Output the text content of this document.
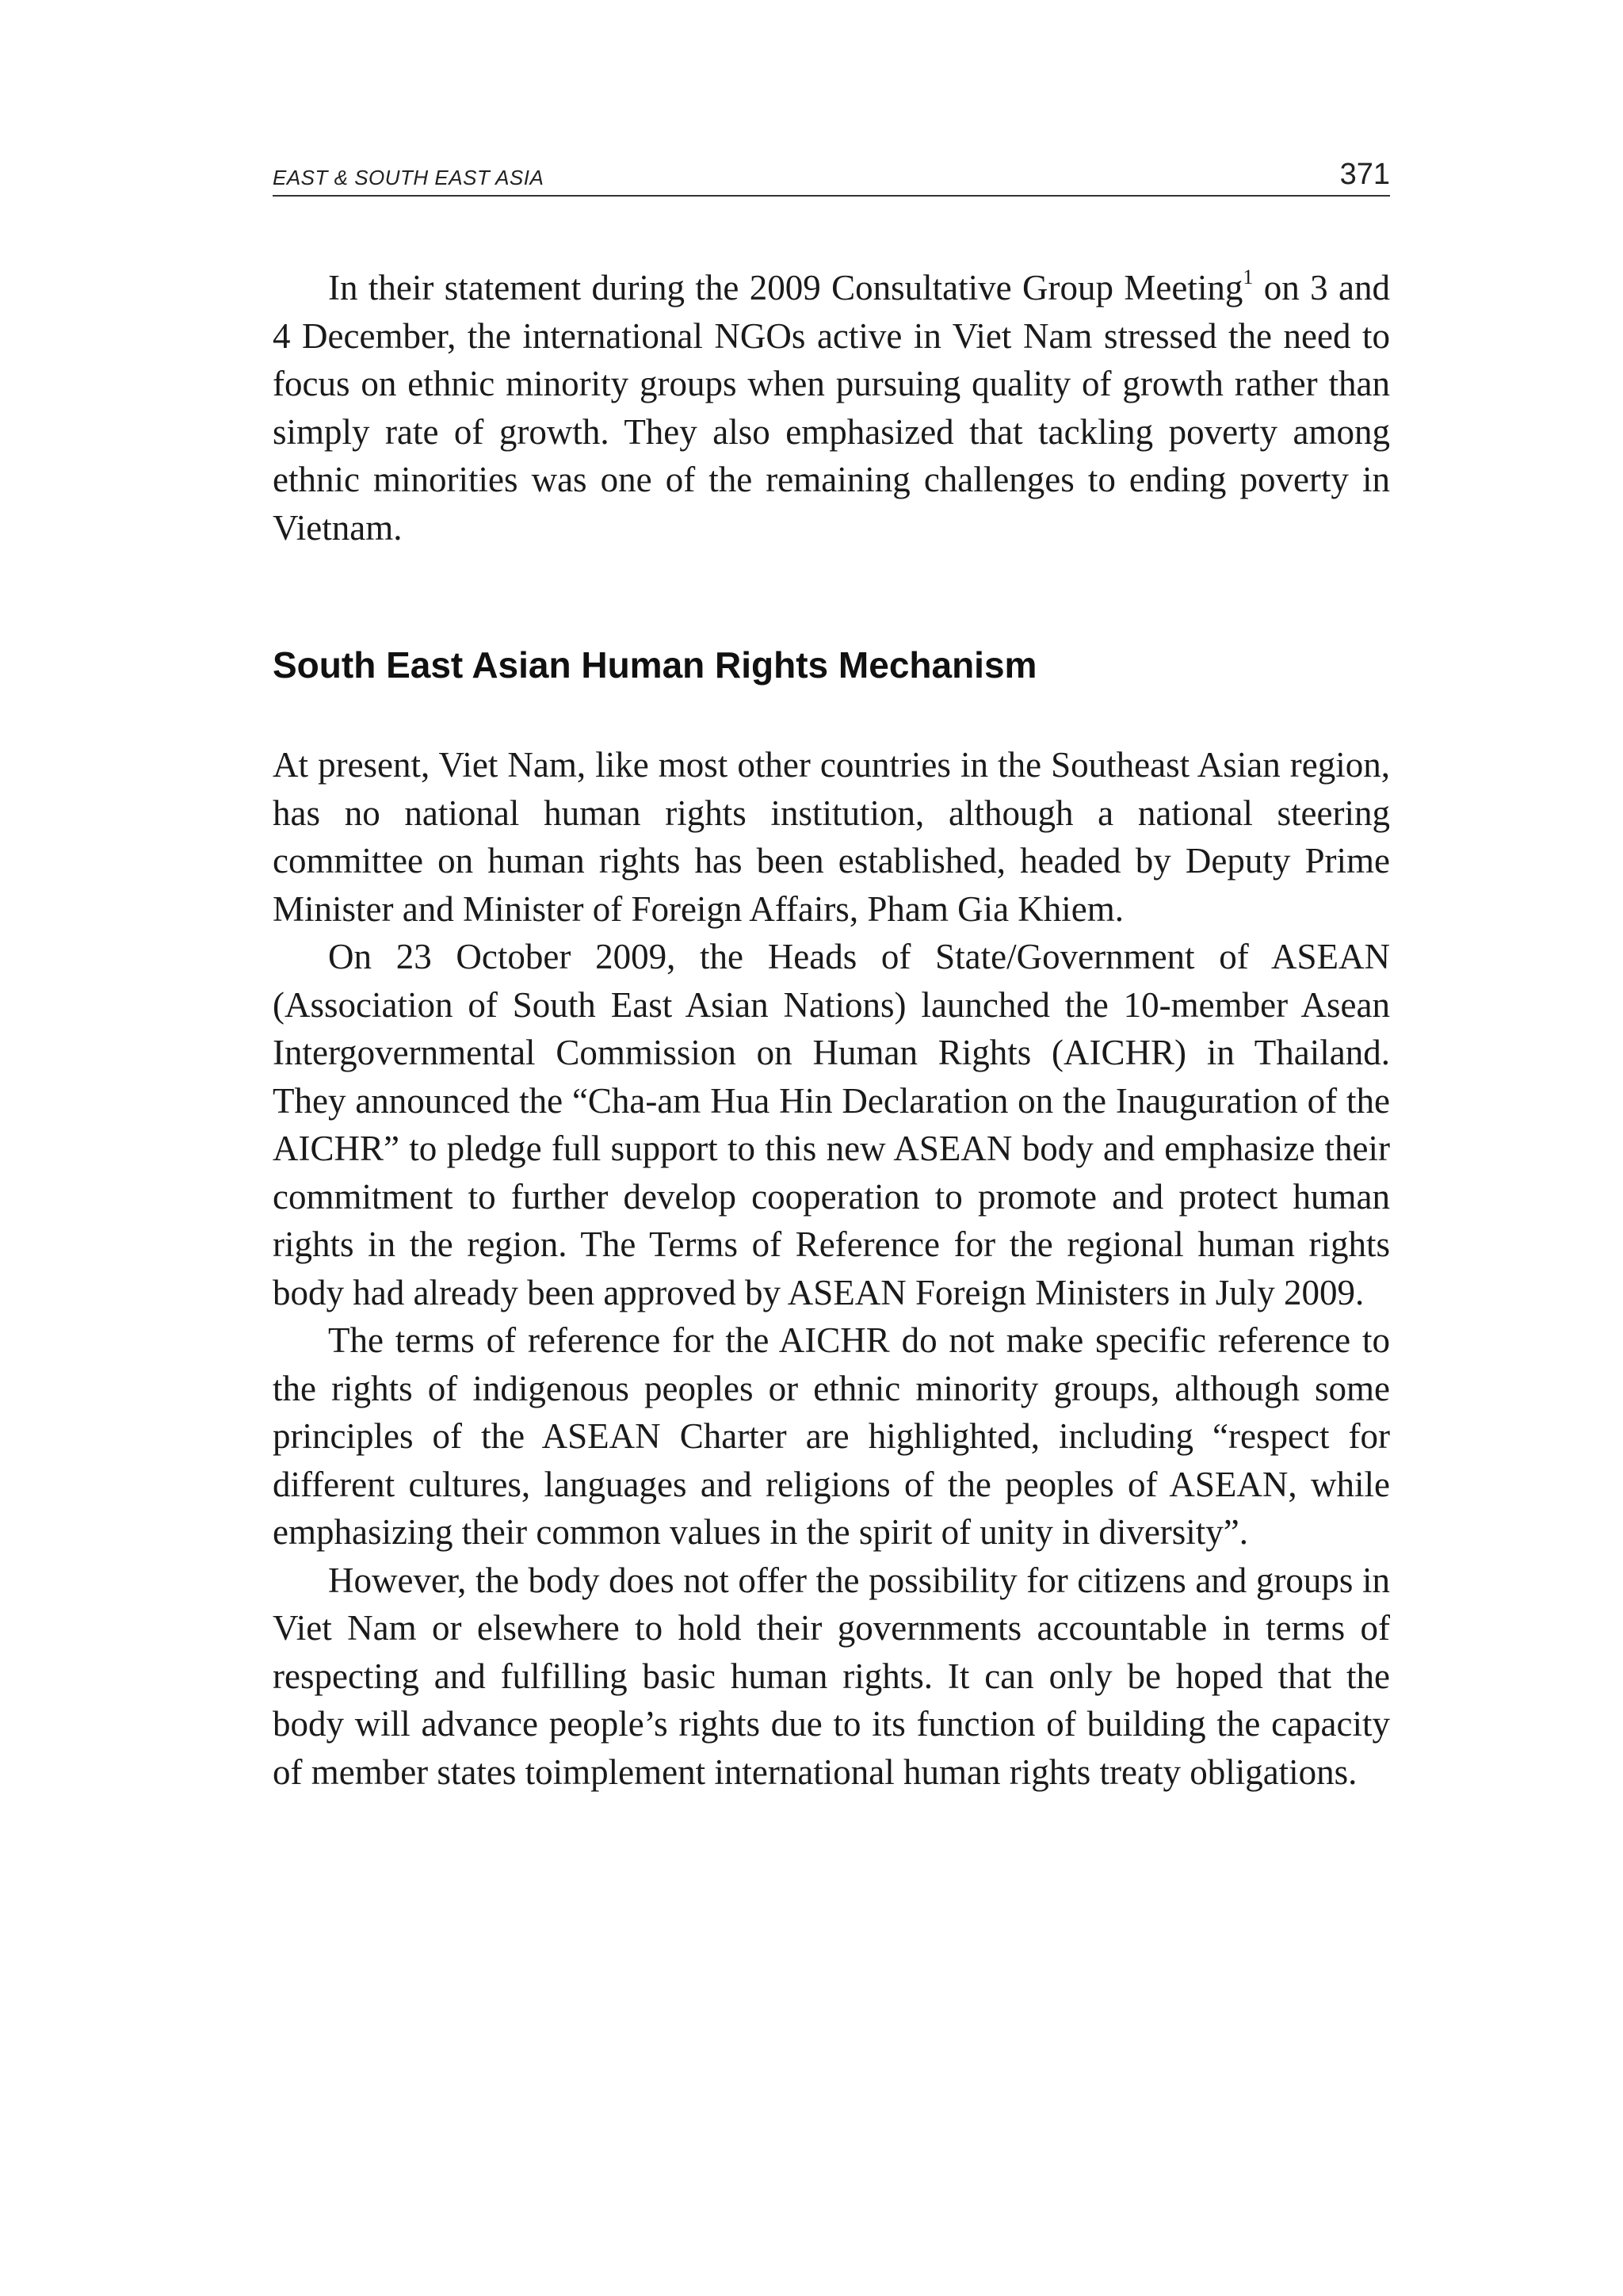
EAST & SOUTH EAST ASIA	371

In their statement during the 2009 Consultative Group Meeting$^1$ on 3 and 4 December, the international NGOs active in Viet Nam stressed the need to focus on ethnic minority groups when pursuing quality of growth rather than simply rate of growth. They also emphasized that tackling poverty among ethnic minorities was one of the remaining challenges to ending poverty in Vietnam.

South East Asian Human Rights Mechanism

At present, Viet Nam, like most other countries in the Southeast Asian region, has no national human rights institution, although a national steering committee on human rights has been established, headed by Deputy Prime Minister and Minister of Foreign Affairs, Pham Gia Khiem.

On 23 October 2009, the Heads of State/Government of ASEAN (Association of South East Asian Nations) launched the 10-member Asean Intergovernmental Commission on Human Rights (AICHR) in Thailand. They announced the “Cha-am Hua Hin Declaration on the Inauguration of the AICHR” to pledge full support to this new ASEAN body and emphasize their commitment to further develop cooperation to promote and protect human rights in the region. The Terms of Reference for the regional human rights body had already been approved by ASEAN Foreign Ministers in July 2009.

The terms of reference for the AICHR do not make specific reference to the rights of indigenous peoples or ethnic minority groups, although some principles of the ASEAN Charter are highlighted, including “respect for different cultures, languages and religions of the peoples of ASEAN, while emphasizing their common values in the spirit of unity in diversity”.

However, the body does not offer the possibility for citizens and groups in Viet Nam or elsewhere to hold their governments accountable in terms of respecting and fulfilling basic human rights. It can only be hoped that the body will advance people’s rights due to its function of building the capacity of member states toimplement international human rights treaty obligations.
